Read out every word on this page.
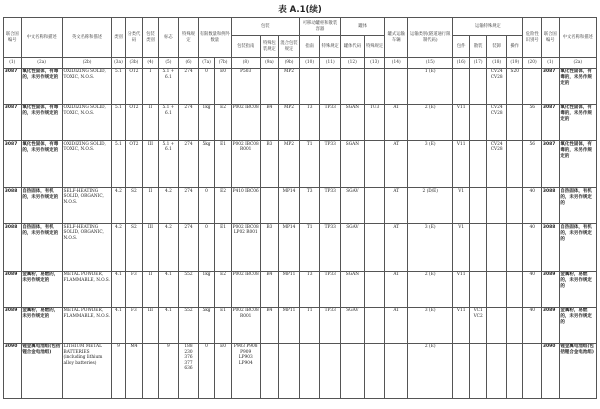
表 A.1(续)
联合国编号	中文名称和描述	英文名称和描述	类别	分类代码	包装类别	标志	特殊规定	有限数量和例外数量		包装			可移动罐柜和散装容器		罐体		罐式运输车辆	运输类别(隧道通行限制代码)	运输特殊规定				危险性识别号	联合国编号	中文名称和描述
										包装指南	特殊包装规定	混合包装规定	指南	特殊规定	罐体代码	特殊规定			包件	散装	装卸	操作			
(1)	(2a)	(2b)	(3a)	(3b)	(4)	(5)	(6)	(7a)	(7b)	(8)	(9a)	(9b)	(10)	(11)	(12)	(13)	(14)	(15)	(16)	(17)	(18)	(19)	(20)	(1)	(2a)
3087	氧化性固体，有毒的，未另作规定的	OXIDIZING SOLID, TOXIC, N.O.S.	5.1	OT2	I	5.1 + 6.1	274	0	E0	P503		MP2						1 (E)			CV24 CV28	S20		3087	氧化性固体，有毒的，未另作规定的
3087	氧化性固体，有毒的，未另作规定的	OXIDIZING SOLID, TOXIC, N.O.S.	5.1	OT2	II	5.1 + 6.1	274	1kg	E2	P002 IBC08	B4	MP2	T3	TP33	SGAN	TU3	AT	2 (E)	V11		CV24 CV28		56	3087	氧化性固体，有毒的，未另作规定的
3087	氧化性固体，有毒的，未另作规定的	OXIDIZING SOLID, TOXIC, N.O.S.	5.1	OT2	III	5.1 + 6.1	274	5kg	E1	P002 IBC08 R001	B3	MP2	T1	TP33	SGAN		AT	3 (E)	V11		CV24 CV28		56	3087	氧化性固体，有毒的，未另作规定的
3088	自热固体，有机的，未另作规定的	SELF-HEATING SOLID, ORGANIC, N.O.S.	4.2	S2	II	4.2	274	0	E2	P410 IBC06		MP14	T3	TP33	SGAV		AT	2 (D/E)	V1				40	3088	自热固体，有机的，未另作规定的
3088	自热固体，有机的，未另作规定的	SELF-HEATING SOLID, ORGANIC, N.O.S.	4.2	S2	III	4.2	274	0	E1	P002 IBC08 LP02 R001	B3	MP14	T1	TP33	SGAV		AT	3 (E)	V1				40	3088	自热固体，有机的，未另作规定的
3089	金属粉，易燃的，未另作规定的	METAL POWDER, FLAMMABLE, N.O.S.	4.1	F3	II	4.1	552	1kg	E2	P002 IBC08	B4	MP11	T3	TP33	SGAN		AT	2 (E)	V11				40	3089	金属粉，易燃的，未另作规定的
3089	金属粉，易燃的，未另作规定的	METAL POWDER, FLAMMABLE, N.O.S.	4.1	F3	III	4.1	552	5kg	E1	P002 IBC08 R001	B4	MP11	T1	TP33	SGAV		AT	3 (E)	V11	VC1 VC2			40	3089	金属粉，易燃的，未另作规定的
3090	锂金属电池组(包括锂合金电池组)	LITHIUM METAL BATTERIES (including lithium alloy batteries)	9	M4		9	188 230 376 377 636	0	E0	P903 P908 P909 LP903 LP904								2 (E)						3090	锂金属电池组(包括锂合金电池组)
